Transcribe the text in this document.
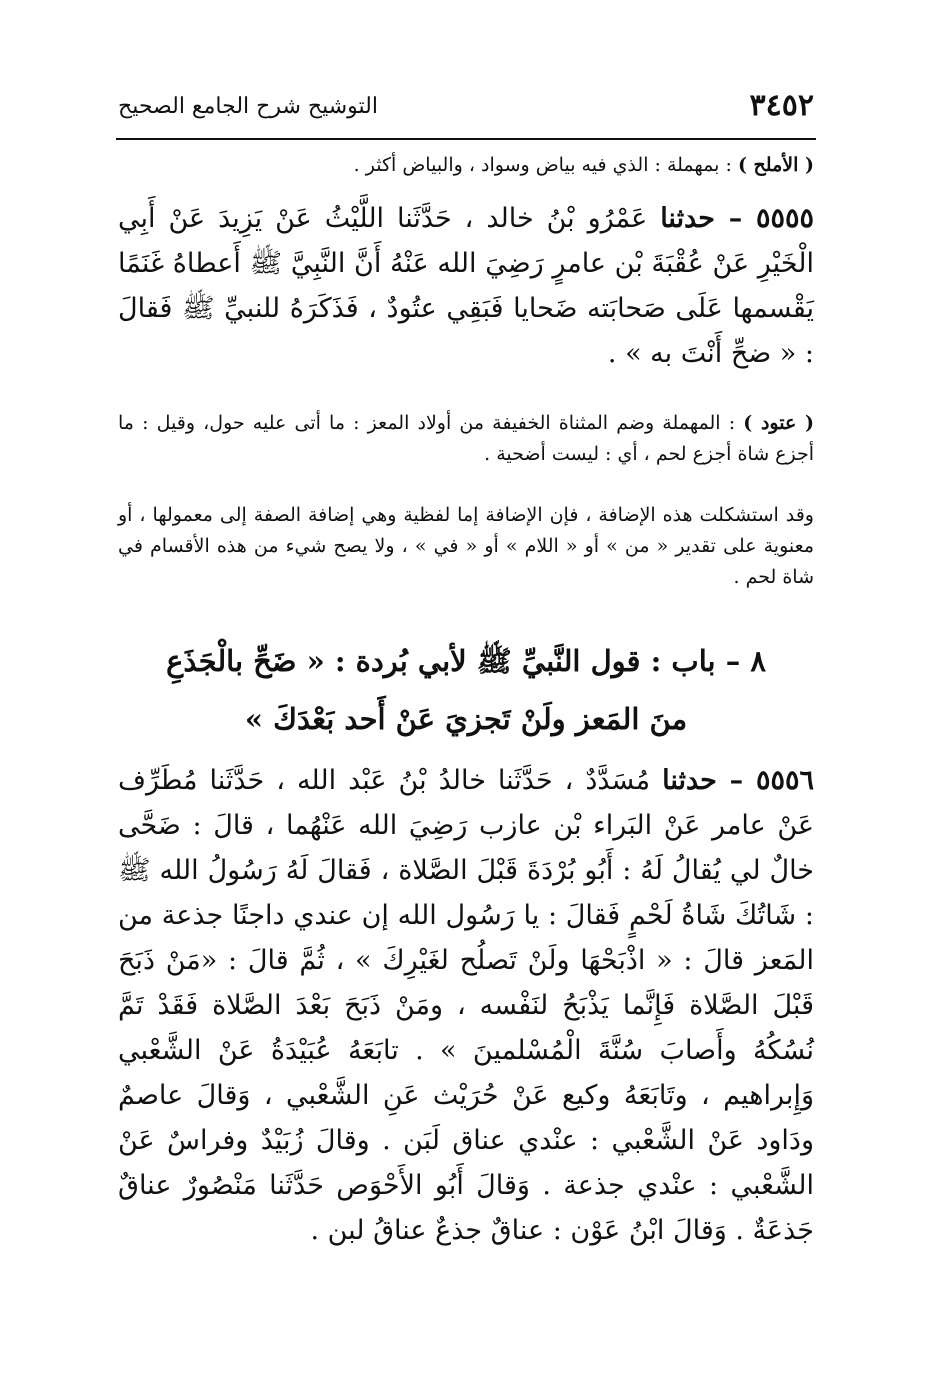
٣٤٥٢
التوشيح شرح الجامع الصحيح

( الأملح ) : بمهملة : الذي فيه بياض وسواد ، والبياض أكثر .

٥٥٥٥ – حدثنا عَمْرُو بْنُ خالد ، حَدَّثَنا اللَّيْثُ عَنْ يَزِيدَ عَنْ أَبِي الْخَيْرِ عَنْ عُقْبَةَ بْن عامرٍ رَضِيَ الله عَنْهُ أَنَّ النَّبِيَّ ﷺ أَعطاهُ غَنَمًا يَقْسمها عَلَى صَحابَته ضَحايا فَبَقِي عتُودٌ ، فَذَكَرَهُ للنبيِّ ﷺ فَقالَ : « ضحِّ أَنْتَ به » .

( عتود ) : المهملة وضم المثناة الخفيفة من أولاد المعز : ما أتى عليه حول، وقيل : ما أجزع شاة أجزع لحم ، أي : ليست أضحية .

وقد استشكلت هذه الإضافة ، فإن الإضافة إما لفظية وهي إضافة الصفة إلى معمولها ، أو معنوية على تقدير « من » أو « اللام » أو « في » ، ولا يصح شيء من هذه الأقسام في شاة لحم .

٨ – باب : قول النَّبيِّ ﷺ لأبي بُردة : « ضَحِّ بالْجَذَعِ
منَ المَعز ولَنْ تَجزيَ عَنْ أَحد بَعْدَكَ »

٥٥٥٦ – حدثنا مُسَدَّدٌ ، حَدَّثَنا خالدُ بْنُ عَبْد الله ، حَدَّثَنا مُطَرِّف عَنْ عامر عَنْ البَراء بْن عازب رَضِيَ الله عَنْهُما ، قالَ : ضَحَّى خالٌ لي يُقالُ لَهُ : أَبُو بُرْدَةَ قَبْلَ الصَّلاة ، فَقالَ لَهُ رَسُولُ الله ﷺ : شَاتُكَ شَاةُ لَحْمٍ فَقالَ : يا رَسُول الله إن عندي داجنًا جذعة من المَعز قالَ : « اذْبَحْهَا ولَنْ تَصلُح لغَيْرِكَ » ، ثُمَّ قالَ : «مَنْ ذَبَحَ قَبْلَ الصَّلاة فَإِنَّما يَذْبَحُ لنَفْسه ، ومَنْ ذَبَحَ بَعْدَ الصَّلاة فَقَدْ تَمَّ نُسُكُهُ وأَصابَ سُنَّةَ الْمُسْلمينَ » . تابَعَهُ عُبَيْدَةُ عَنْ الشَّعْبي وَإِبراهيم ، وتَابَعَهُ وكيع عَنْ حُرَيْث عَنِ الشَّعْبي ، وَقالَ عاصمٌ ودَاود عَنْ الشَّعْبي : عنْدي عناق لَبَن . وقالَ زُبَيْدٌ وفراسٌ عَنْ الشَّعْبي : عنْدي جذعة . وَقالَ أَبُو الأَحْوَص حَدَّثَنا مَنْصُورٌ عناقٌ جَذعَةٌ . وَقالَ ابْنُ عَوْن : عناقٌ جذعٌ عناقُ لبن .
